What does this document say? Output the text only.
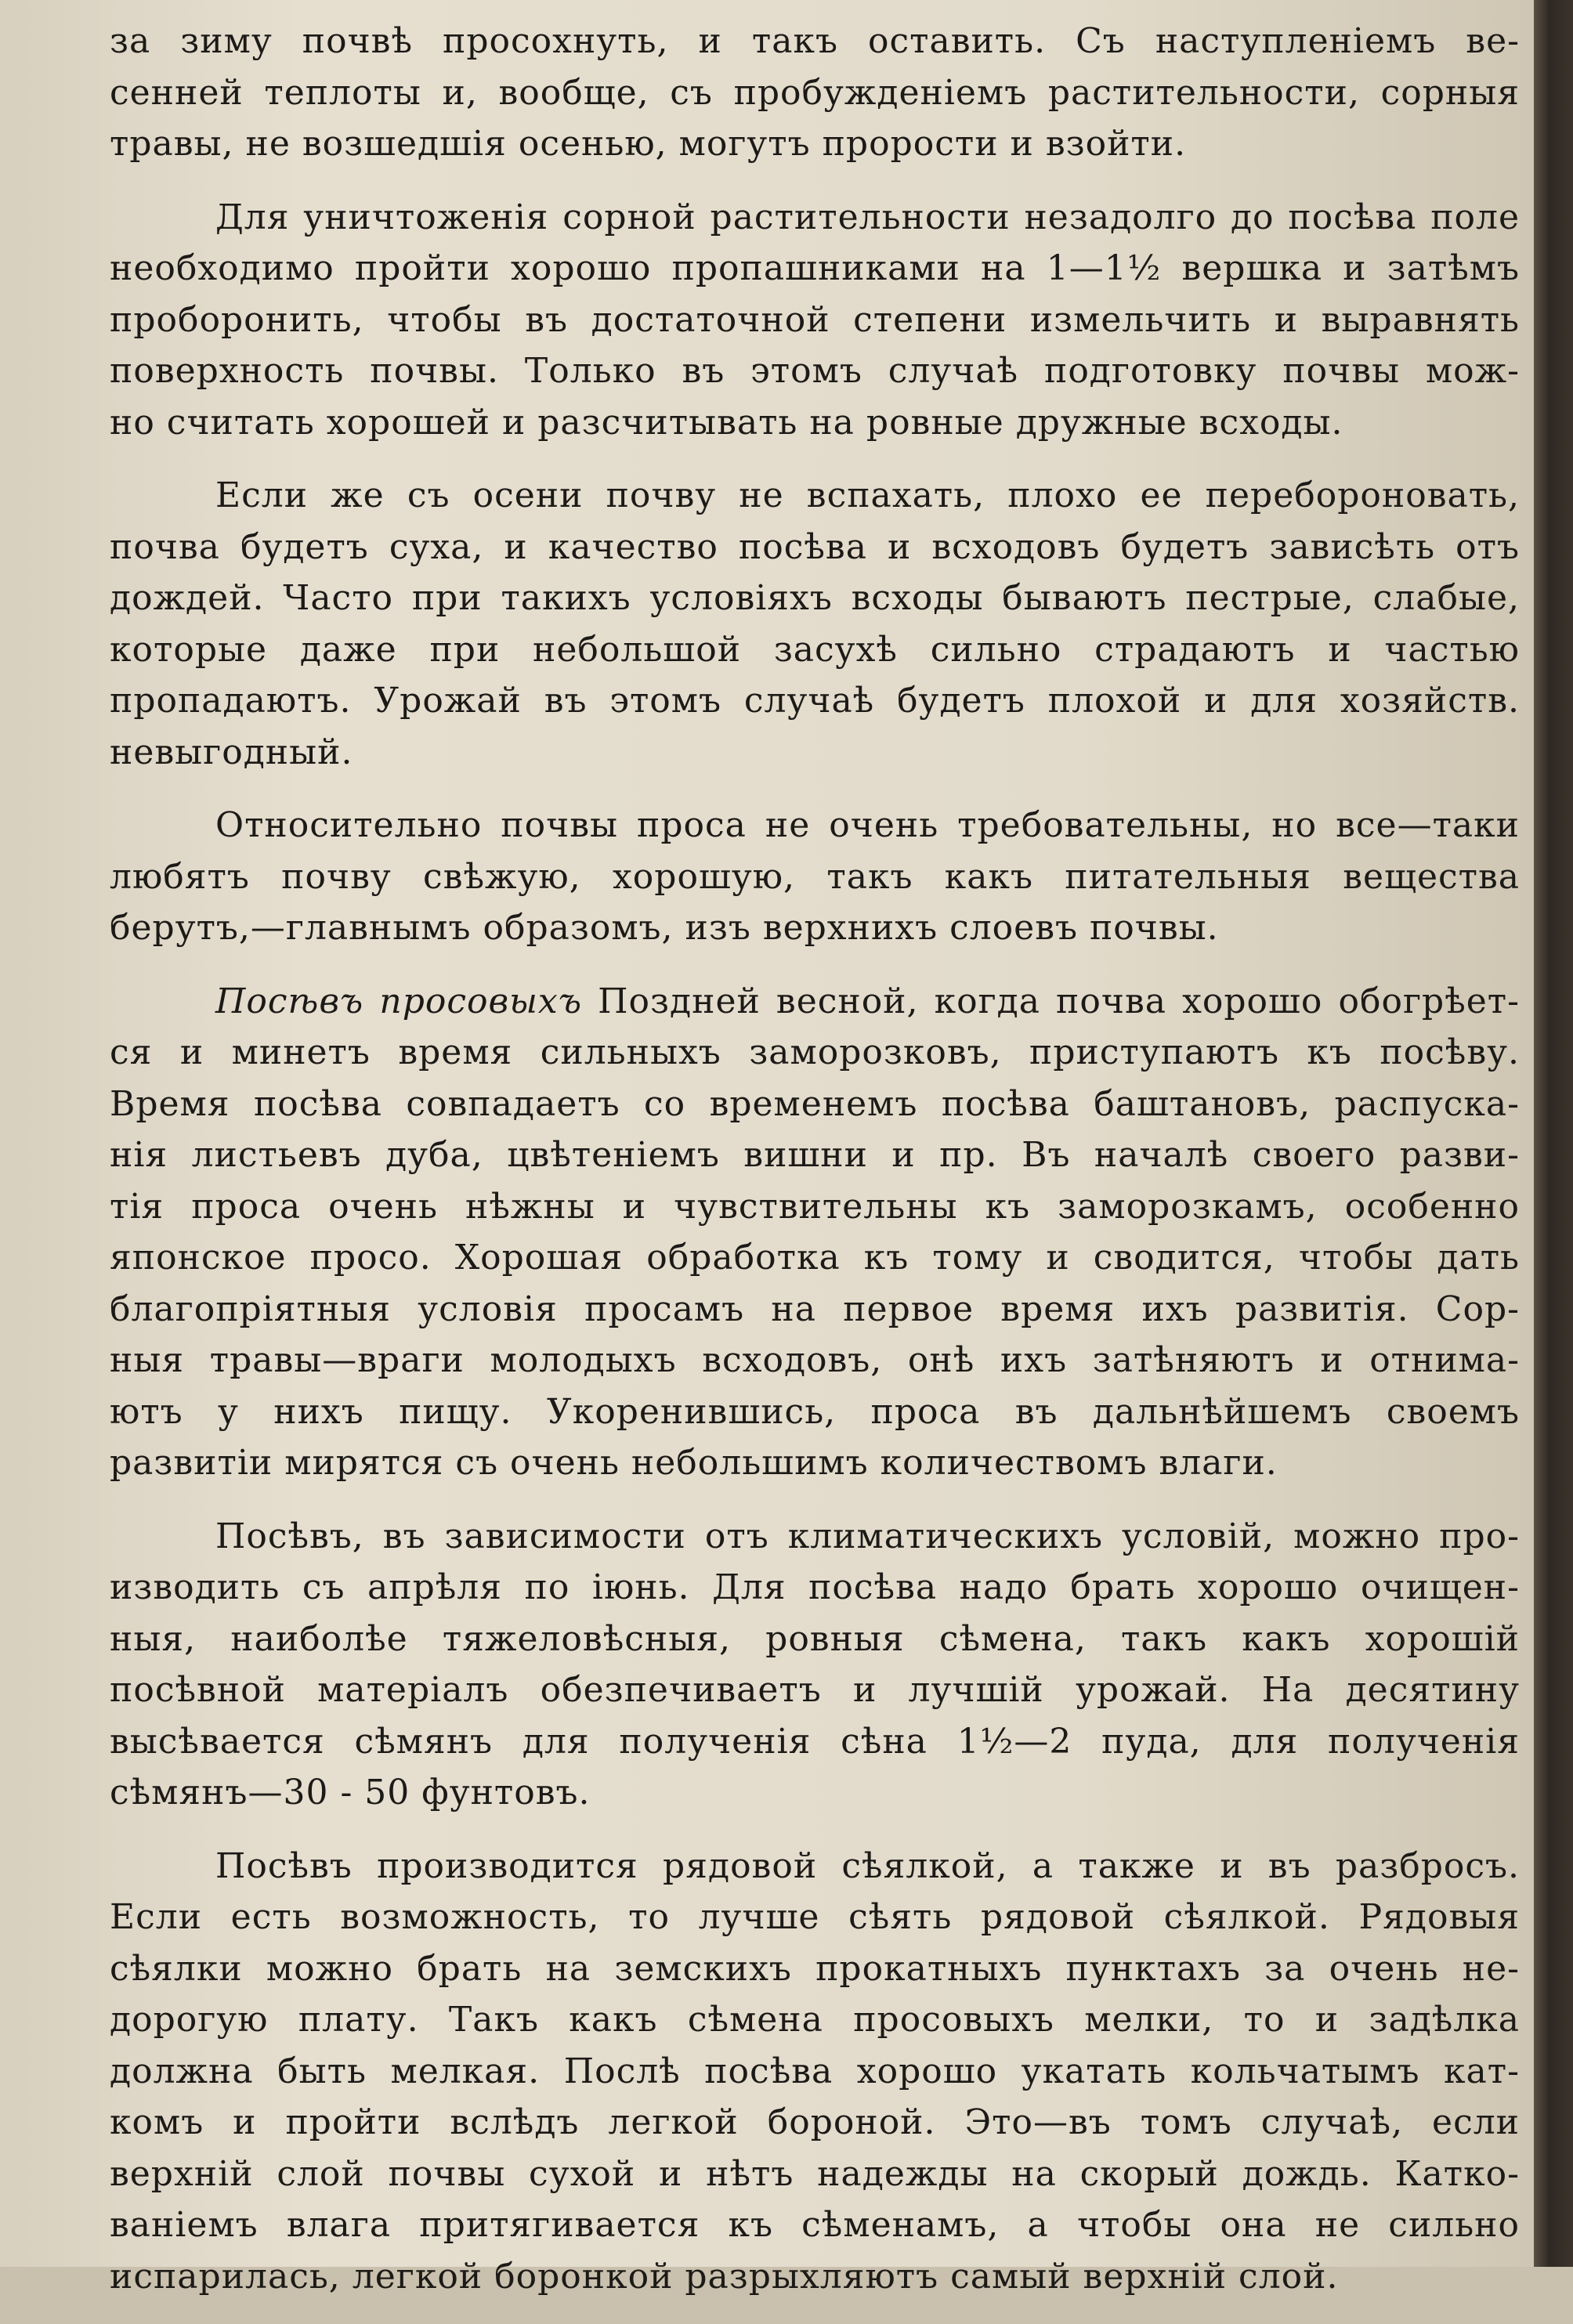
за зиму почвѣ просохнуть, и такъ оставить. Съ наступленіемъ ве-
сенней теплоты и, вообще, съ пробужденіемъ растительности, сорныя
травы, не возшедшія осенью, могутъ прорости и взойти.
Для уничтоженія сорной растительности незадолго до посѣва поле
необходимо пройти хорошо пропашниками на 1—1½ вершка и затѣмъ
проборонить, чтобы въ достаточной степени измельчить и выравнять
поверхность почвы. Только въ этомъ случаѣ подготовку почвы мож-
но считать хорошей и разсчитывать на ровные дружные всходы.
Если же съ осени почву не вспахать, плохо ее переборонoвать,
почва будетъ суха, и качество посѣва и всходовъ будетъ зависѣть отъ
дождей. Часто при такихъ условіяхъ всходы бываютъ пестрые, слабые,
которые даже при небольшой засухѣ сильно страдаютъ и частью
пропадаютъ. Урожай въ этомъ случаѣ будетъ плохой и для хозяйств.
невыгодный.
Относительно почвы проса не очень требовательны, но все—таки
любятъ почву свѣжую, хорошую, такъ какъ питательныя вещества
берутъ,—главнымъ образомъ, изъ верхнихъ слоевъ почвы.
Посѣвъ просовыхъ Поздней весной, когда почва хорошо обогрѣет-
ся и минетъ время сильныхъ заморозковъ, приступаютъ къ посѣву.
Время посѣва совпадаетъ со временемъ посѣва баштановъ, распуска-
нія листьевъ дуба, цвѣтеніемъ вишни и пр. Въ началѣ своего разви-
тія проса очень нѣжны и чувствительны къ заморозкамъ, особенно
японское просо. Хорошая обработка къ тому и сводится, чтобы дать
благопріятныя условія просамъ на первое время ихъ развитія. Сор-
ныя травы—враги молодыхъ всходовъ, онѣ ихъ затѣняютъ и отнима-
ютъ у нихъ пищу. Укоренившись, проса въ дальнѣйшемъ своемъ
развитіи мирятся съ очень небольшимъ количествомъ влаги.
Посѣвъ, въ зависимости отъ климатическихъ условій, можно про-
изводить съ апрѣля по іюнь. Для посѣва надо брать хорошо очищен-
ныя, наиболѣе тяжеловѣсныя, ровныя сѣмена, такъ какъ хорошій
посѣвной матеріалъ обезпечиваетъ и лучшій урожай. На десятину
высѣвается сѣмянъ для полученія сѣна 1½—2 пуда, для полученія
сѣмянъ—30 - 50 фунтовъ.
Посѣвъ производится рядовой сѣялкой, а также и въ разбросъ.
Если есть возможность, то лучше сѣять рядовой сѣялкой. Рядовыя
сѣялки можно брать на земскихъ прокатныхъ пунктахъ за очень не-
дорогую плату. Такъ какъ сѣмена просовыхъ мелки, то и задѣлка
должна быть мелкая. Послѣ посѣва хорошо укатать кольчатымъ кат-
комъ и пройти вслѣдъ легкой бороной. Это—въ томъ случаѣ, если
верхній слой почвы сухой и нѣтъ надежды на скорый дождь. Катко-
ваніемъ влага притягивается къ сѣменамъ, а чтобы она не сильно
испарилась, легкой боронкой разрыхляютъ самый верхній слой.
